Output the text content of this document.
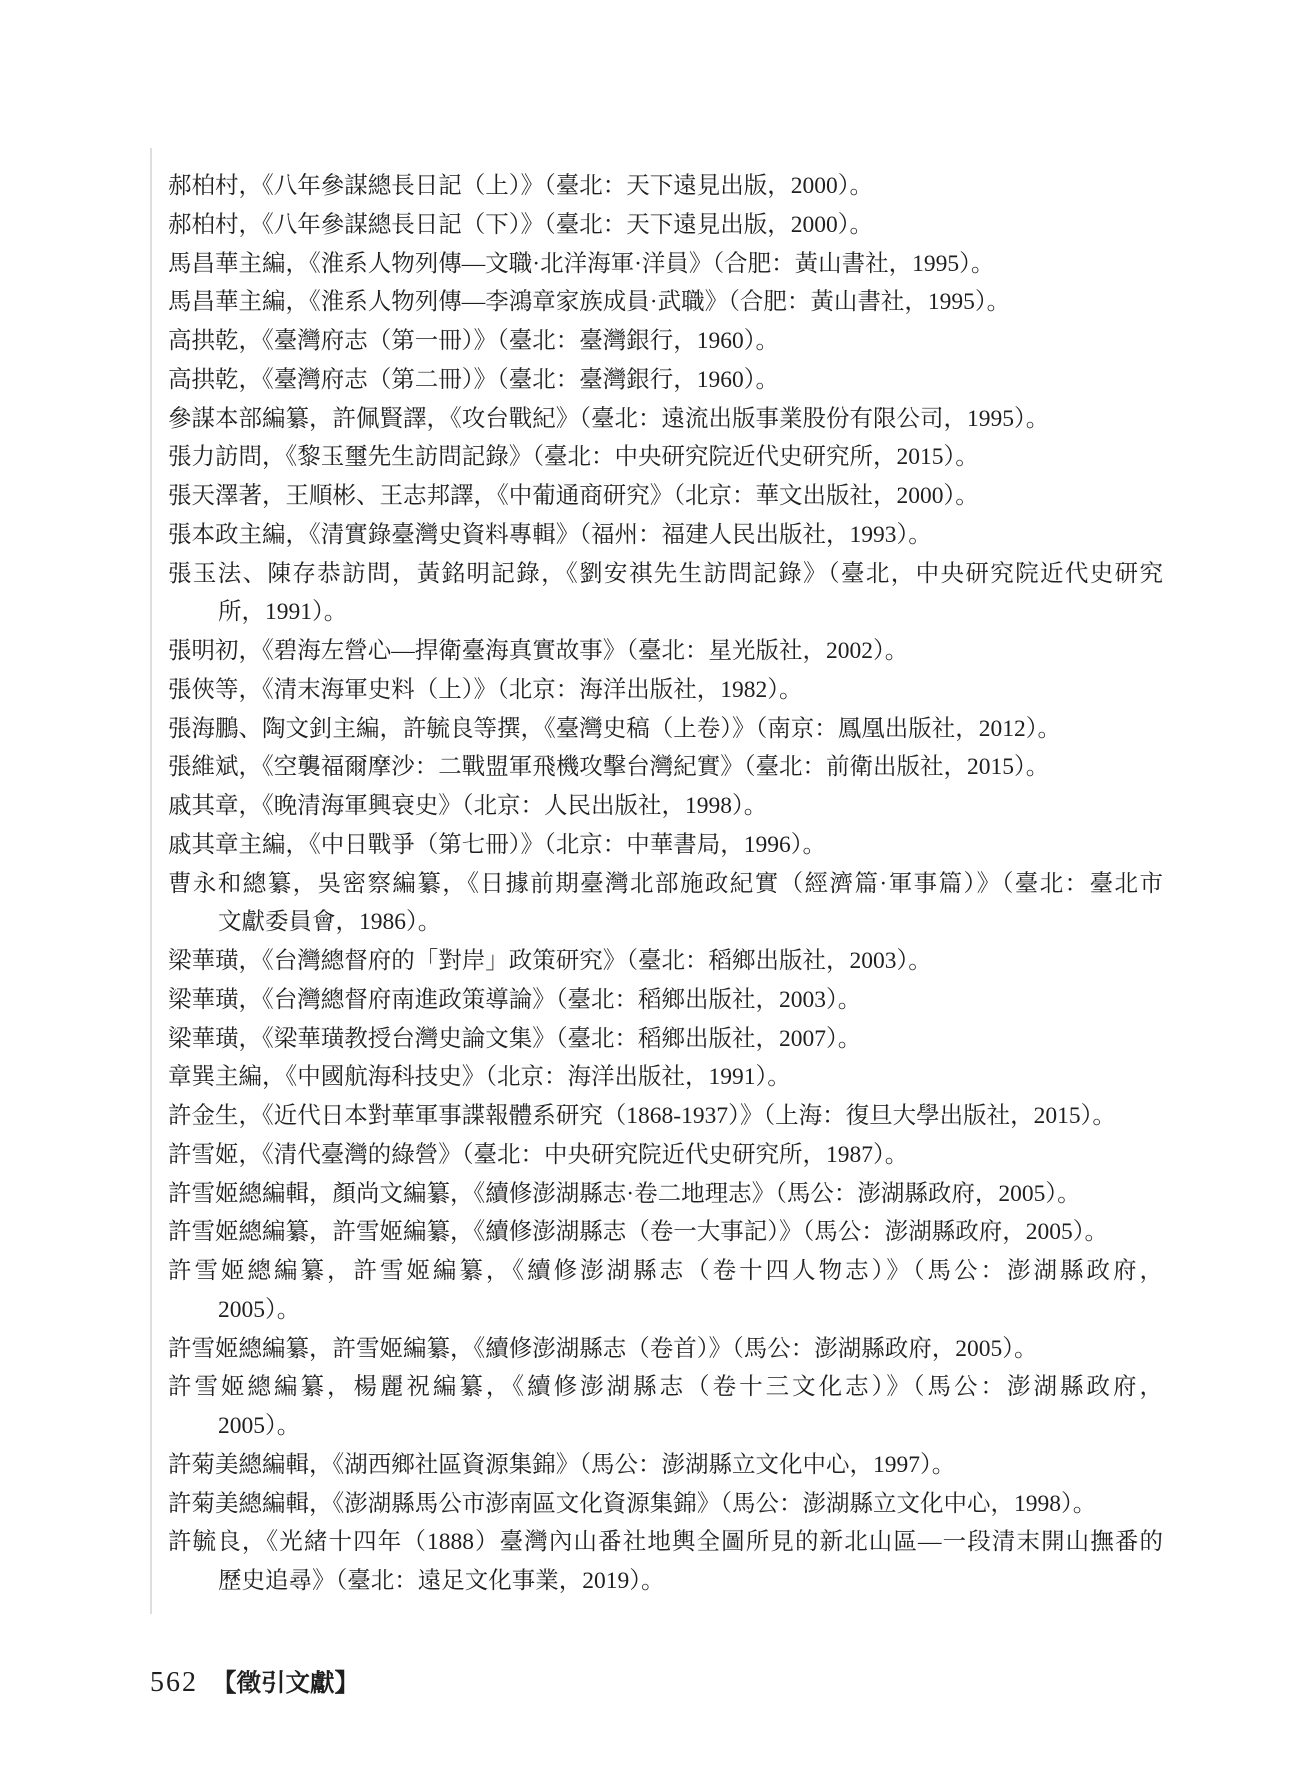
郝柏村，《八年參謀總長日記（上）》（臺北：天下遠見出版，2000）。
郝柏村，《八年參謀總長日記（下）》（臺北：天下遠見出版，2000）。
馬昌華主編，《淮系人物列傳—文職·北洋海軍·洋員》（合肥：黃山書社，1995）。
馬昌華主編，《淮系人物列傳—李鴻章家族成員·武職》（合肥：黃山書社，1995）。
高拱乾，《臺灣府志（第一冊）》（臺北：臺灣銀行，1960）。
高拱乾，《臺灣府志（第二冊）》（臺北：臺灣銀行，1960）。
參謀本部編纂，許佩賢譯，《攻台戰紀》（臺北：遠流出版事業股份有限公司，1995）。
張力訪問，《黎玉璽先生訪問記錄》（臺北：中央研究院近代史研究所，2015）。
張天澤著，王順彬、王志邦譯，《中葡通商研究》（北京：華文出版社，2000）。
張本政主編，《清實錄臺灣史資料專輯》（福州：福建人民出版社，1993）。
張玉法、陳存恭訪問，黃銘明記錄，《劉安祺先生訪問記錄》（臺北，中央研究院近代史研究
所，1991）。
張明初，《碧海左營心—捍衛臺海真實故事》（臺北：星光版社，2002）。
張俠等，《清末海軍史料（上）》（北京：海洋出版社，1982）。
張海鵬、陶文釗主編，許毓良等撰，《臺灣史稿（上卷）》（南京：鳳凰出版社，2012）。
張維斌，《空襲福爾摩沙：二戰盟軍飛機攻擊台灣紀實》（臺北：前衛出版社，2015）。
戚其章，《晚清海軍興衰史》（北京：人民出版社，1998）。
戚其章主編，《中日戰爭（第七冊）》（北京：中華書局，1996）。
曹永和總纂，吳密察編纂，《日據前期臺灣北部施政紀實（經濟篇·軍事篇）》（臺北：臺北市
文獻委員會，1986）。
梁華璜，《台灣總督府的「對岸」政策研究》（臺北：稻鄉出版社，2003）。
梁華璜，《台灣總督府南進政策導論》（臺北：稻鄉出版社，2003）。
梁華璜，《梁華璜教授台灣史論文集》（臺北：稻鄉出版社，2007）。
章巽主編，《中國航海科技史》（北京：海洋出版社，1991）。
許金生，《近代日本對華軍事諜報體系研究（1868-1937）》（上海：復旦大學出版社，2015）。
許雪姬，《清代臺灣的綠營》（臺北：中央研究院近代史研究所，1987）。
許雪姬總編輯，顏尚文編纂，《續修澎湖縣志·卷二地理志》（馬公：澎湖縣政府，2005）。
許雪姬總編纂，許雪姬編纂，《續修澎湖縣志（卷一大事記）》（馬公：澎湖縣政府，2005）。
許雪姬總編纂，許雪姬編纂，《續修澎湖縣志（卷十四人物志）》（馬公：澎湖縣政府，
2005）。
許雪姬總編纂，許雪姬編纂，《續修澎湖縣志（卷首）》（馬公：澎湖縣政府，2005）。
許雪姬總編纂，楊麗祝編纂，《續修澎湖縣志（卷十三文化志）》（馬公：澎湖縣政府，
2005）。
許菊美總編輯，《湖西鄉社區資源集錦》（馬公：澎湖縣立文化中心，1997）。
許菊美總編輯，《澎湖縣馬公市澎南區文化資源集錦》（馬公：澎湖縣立文化中心，1998）。
許毓良，《光緒十四年（1888）臺灣內山番社地輿全圖所見的新北山區—一段清末開山撫番的
歷史追尋》（臺北：遠足文化事業，2019）。
562 【徵引文獻】
